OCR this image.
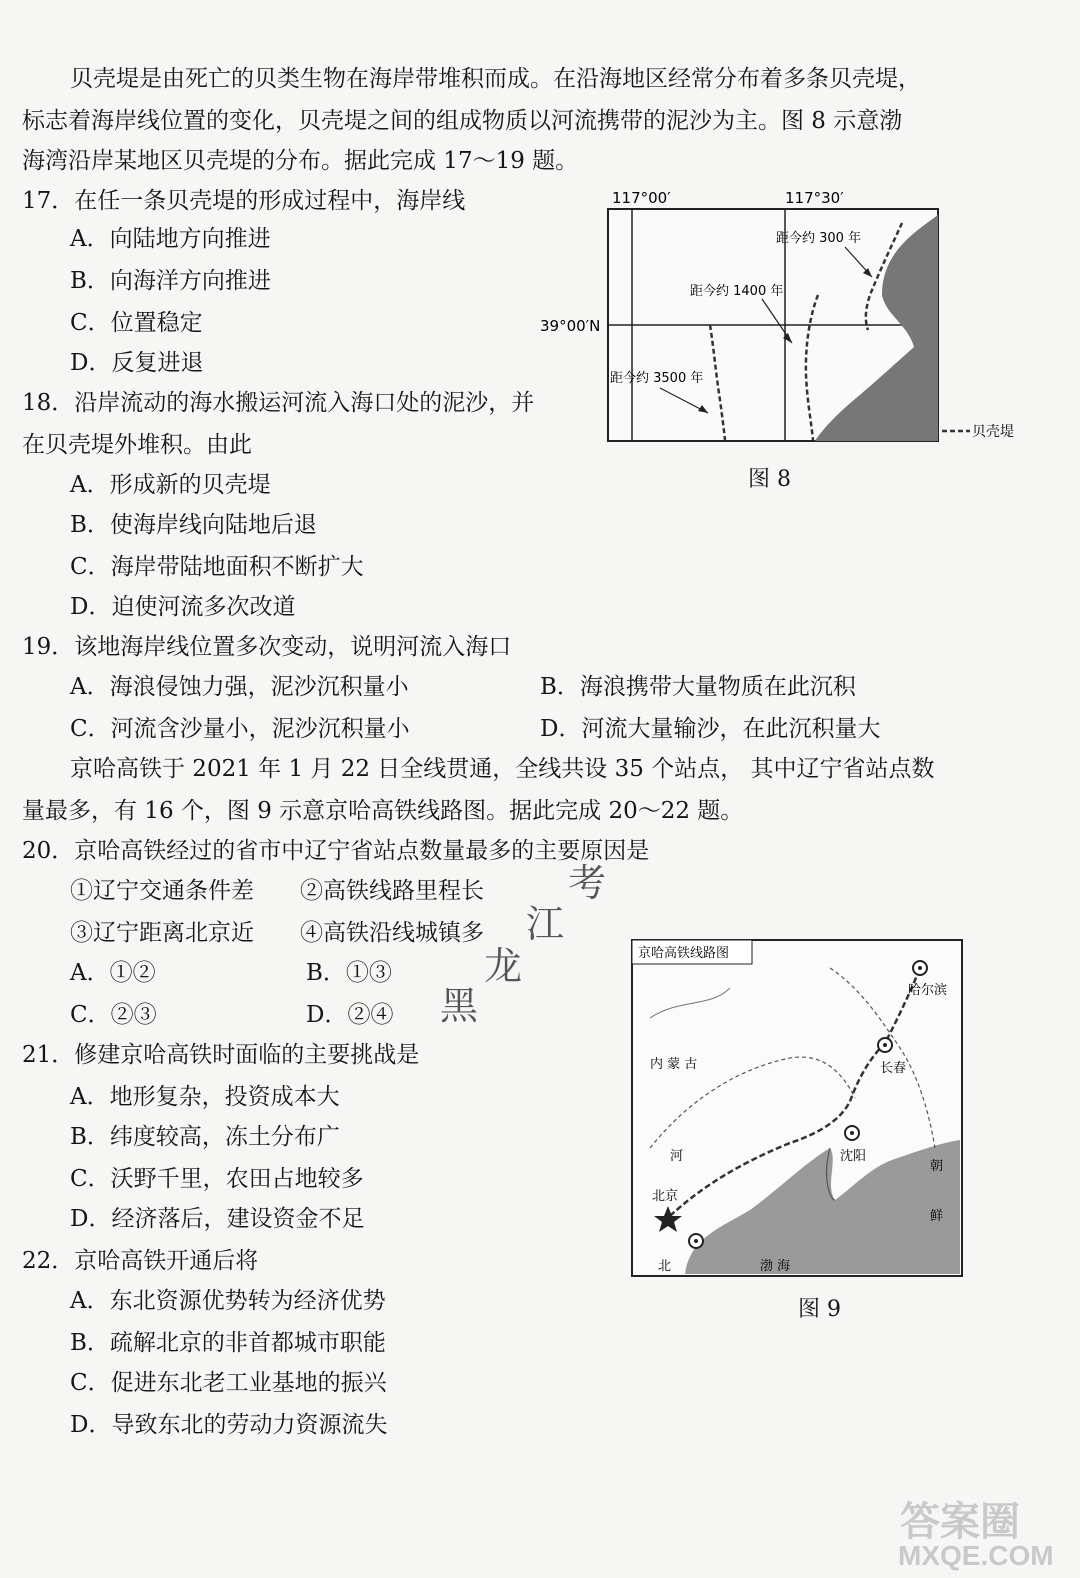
贝壳堤是由死亡的贝类生物在海岸带堆积而成。在沿海地区经常分布着多条贝壳堤，
标志着海岸线位置的变化，贝壳堤之间的组成物质以河流携带的泥沙为主。图 8 示意渤
海湾沿岸某地区贝壳堤的分布。据此完成 17～19 题。
17．在任一条贝壳堤的形成过程中，海岸线
A．向陆地方向推进
B．向海洋方向推进
C．位置稳定
D．反复进退
18．沿岸流动的海水搬运河流入海口处的泥沙，并
在贝壳堤外堆积。由此
A．形成新的贝壳堤
B．使海岸线向陆地后退
C．海岸带陆地面积不断扩大
D．迫使河流多次改道
19．该地海岸线位置多次变动，说明河流入海口
A．海浪侵蚀力强，泥沙沉积量小	B．海浪携带大量物质在此沉积
C．河流含沙量小，泥沙沉积量小	D．河流大量输沙，在此沉积量大
京哈高铁于 2021 年 1 月 22 日全线贯通，全线共设 35 个站点， 其中辽宁省站点数
量最多，有 16 个，图 9 示意京哈高铁线路图。据此完成 20～22 题。
20．京哈高铁经过的省市中辽宁省站点数量最多的主要原因是
①辽宁交通条件差 ②高铁线路里程长
③辽宁距离北京近 ④高铁沿线城镇多
A．①②	B．①③
C．②③	D．②④
21．修建京哈高铁时面临的主要挑战是
A．地形复杂，投资成本大
B．纬度较高，冻土分布广
C．沃野千里，农田占地较多
D．经济落后，建设资金不足
22．京哈高铁开通后将
A．东北资源优势转为经济优势
B．疏解北京的非首都城市职能
C．促进东北老工业基地的振兴
D．导致东北的劳动力资源流失
117°00′	117°30′
39°00′N
距今约 300 年
距今约 1400 年
距今约 3500 年
贝壳堤
图 8
京哈高铁线路图
哈尔滨
长春
沈阳
北京
内 蒙 古
河
北
朝
鲜
渤 海
图 9
黑
龙
江
考
答案圈
MXQE.COM
